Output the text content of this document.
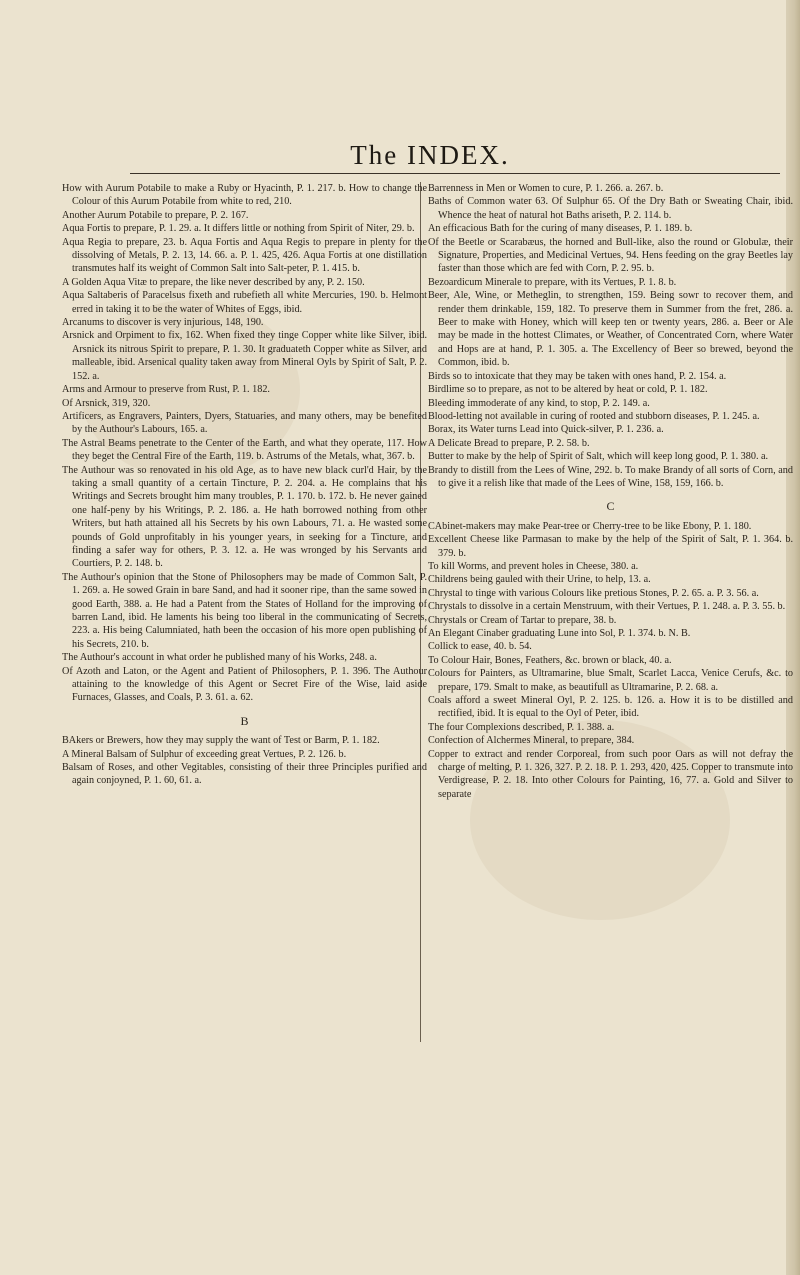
The INDEX.

How with Aurum Potabile to make a Ruby or Hyacinth, P. 1. 217. b. How to change the Colour of this Aurum Potabile from white to red, 210.

Another Aurum Potabile to prepare, P. 2. 167.

Aqua Fortis to prepare, P. 1. 29. a. It differs little or nothing from Spirit of Niter, 29. b.

Aqua Regia to prepare, 23. b. Aqua Fortis and Aqua Regis to prepare in plenty for the dissolving of Metals, P. 2. 13, 14. 66. a. P. 1. 425, 426. Aqua Fortis at one distillation transmutes half its weight of Common Salt into Salt-peter, P. 1. 415. b.

A Golden Aqua Vitæ to prepare, the like never described by any, P. 2. 150.

Aqua Saltaberis of Paracelsus fixeth and rubefieth all white Mercuries, 190. b. Helmont erred in taking it to be the water of Whites of Eggs, ibid.

Arcanums to discover is very injurious, 148, 190.

Arsnick and Orpiment to fix, 162. When fixed they tinge Copper white like Silver, ibid. Arsnick its nitrous Spirit to prepare, P. 1. 30. It graduateth Copper white as Silver, and malleable, ibid. Arsenical quality taken away from Mineral Oyls by Spirit of Salt, P. 2. 152. a.

Arms and Armour to preserve from Rust, P. 1. 182.

Of Arsnick, 319, 320.

Artificers, as Engravers, Painters, Dyers, Statuaries, and many others, may be benefited by the Authour's Labours, 165. a.

The Astral Beams penetrate to the Center of the Earth, and what they operate, 117. How they beget the Central Fire of the Earth, 119. b. Astrums of the Metals, what, 367. b.

The Authour was so renovated in his old Age, as to have new black curl'd Hair, by the taking a small quantity of a certain Tincture, P. 2. 204. a. He complains that his Writings and Secrets brought him many troubles, P. 1. 170. b. 172. b. He never gained one half-peny by his Writings, P. 2. 186. a. He hath borrowed nothing from other Writers, but hath attained all his Secrets by his own Labours, 71. a. He wasted some pounds of Gold unprofitably in his younger years, in seeking for a Tincture, and finding a safer way for others, P. 3. 12. a. He was wronged by his Servants and Courtiers, P. 2. 148. b.

The Authour's opinion that the Stone of Philosophers may be made of Common Salt, P. 1. 269. a. He sowed Grain in bare Sand, and had it sooner ripe, than the same sowed in good Earth, 388. a. He had a Patent from the States of Holland for the improving of barren Land, ibid. He laments his being too liberal in the communicating of Secrets, 223. a. His being Calumniated, hath been the occasion of his more open publishing of his Secrets, 210. b.

The Authour's account in what order he published many of his Works, 248. a.

Of Azoth and Laton, or the Agent and Patient of Philosophers, P. 1. 396. The Authour attaining to the knowledge of this Agent or Secret Fire of the Wise, laid aside Furnaces, Glasses, and Coals, P. 3. 61. a. 62.

B

BAkers or Brewers, how they may supply the want of Test or Barm, P. 1. 182.

A Mineral Balsam of Sulphur of exceeding great Vertues, P. 2. 126. b.

Balsam of Roses, and other Vegitables, consisting of their three Principles purified and again conjoyned, P. 1. 60, 61. a.

Barrenness in Men or Women to cure, P. 1. 266. a. 267. b.

Baths of Common water 63. Of Sulphur 65. Of the Dry Bath or Sweating Chair, ibid. Whence the heat of natural hot Baths ariseth, P. 2. 114. b.

An efficacious Bath for the curing of many diseases, P. 1. 189. b.

Of the Beetle or Scarabæus, the horned and Bull-like, also the round or Globulæ, their Signature, Properties, and Medicinal Vertues, 94. Hens feeding on the gray Beetles lay faster than those which are fed with Corn, P. 2. 95. b.

Bezoardicum Minerale to prepare, with its Vertues, P. 1. 8. b.

Beer, Ale, Wine, or Metheglin, to strengthen, 159. Being sowr to recover them, and render them drinkable, 159, 182. To preserve them in Summer from the fret, 286. a. Beer to make with Honey, which will keep ten or twenty years, 286. a. Beer or Ale may be made in the hottest Climates, or Weather, of Concentrated Corn, where Water and Hops are at hand, P. 1. 305. a. The Excellency of Beer so brewed, beyond the Common, ibid. b.

Birds so to intoxicate that they may be taken with ones hand, P. 2. 154. a.

Birdlime so to prepare, as not to be altered by heat or cold, P. 1. 182.

Bleeding immoderate of any kind, to stop, P. 2. 149. a.

Blood-letting not available in curing of rooted and stubborn diseases, P. 1. 245. a.

Borax, its Water turns Lead into Quick-silver, P. 1. 236. a.

A Delicate Bread to prepare, P. 2. 58. b.

Butter to make by the help of Spirit of Salt, which will keep long good, P. 1. 380. a.

Brandy to distill from the Lees of Wine, 292. b. To make Brandy of all sorts of Corn, and to give it a relish like that made of the Lees of Wine, 158, 159, 166. b.

C

CAbinet-makers may make Pear-tree or Cherry-tree to be like Ebony, P. 1. 180.

Excellent Cheese like Parmasan to make by the help of the Spirit of Salt, P. 1. 364. b. 379. b.

To kill Worms, and prevent holes in Cheese, 380. a.

Childrens being gauled with their Urine, to help, 13. a.

Chrystal to tinge with various Colours like pretious Stones, P. 2. 65. a. P. 3. 56. a.

Chrystals to dissolve in a certain Menstruum, with their Vertues, P. 1. 248. a. P. 3. 55. b.

Chrystals or Cream of Tartar to prepare, 38. b.

An Elegant Cinaber graduating Lune into Sol, P. 1. 374. b. N. B.

Collick to ease, 40. b. 54.

To Colour Hair, Bones, Feathers, &c. brown or black, 40. a.

Colours for Painters, as Ultramarine, blue Smalt, Scarlet Lacca, Venice Cerufs, &c. to prepare, 179. Smalt to make, as beautifull as Ultramarine, P. 2. 68. a.

Coals afford a sweet Mineral Oyl, P. 2. 125. b. 126. a. How it is to be distilled and rectified, ibid. It is equal to the Oyl of Peter, ibid.

The four Complexions described, P. 1. 388. a.

Confection of Alchermes Mineral, to prepare, 384.

Copper to extract and render Corporeal, from such poor Oars as will not defray the charge of melting, P. 1. 326, 327. P. 2. 18. P. 1. 293, 420, 425. Copper to transmute into Verdigrease, P. 2. 18. Into other Colours for Painting, 16, 77. a. Gold and Silver to separate
